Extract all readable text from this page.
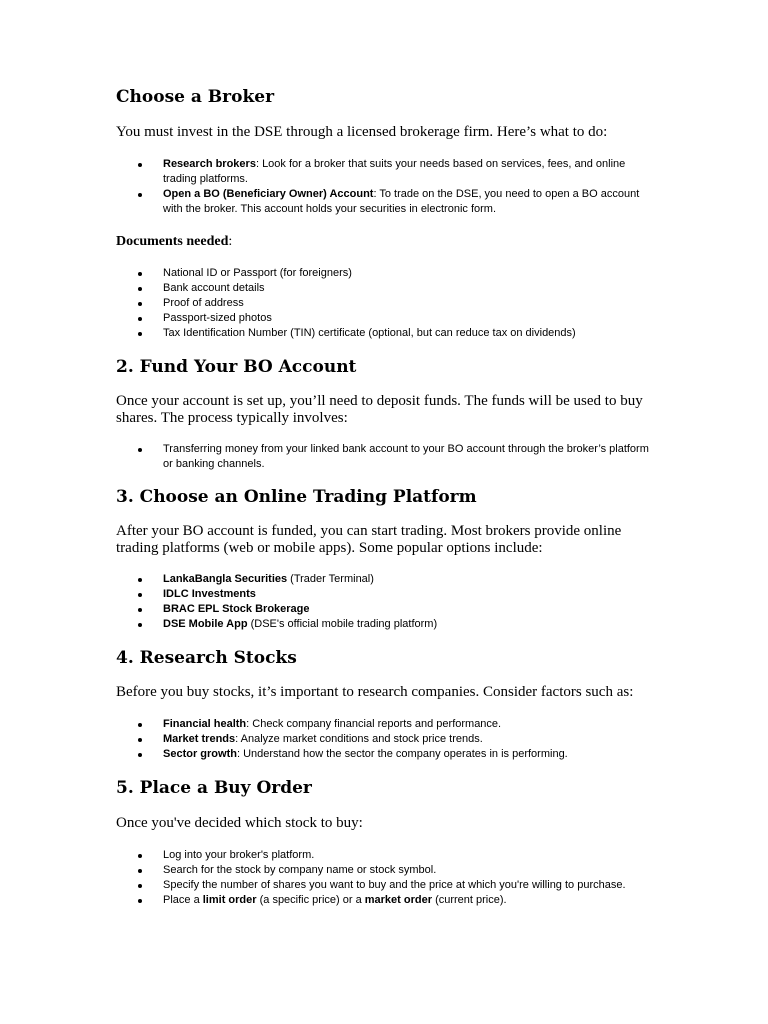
Choose a Broker

You must invest in the DSE through a licensed brokerage firm. Here’s what to do:

Research brokers: Look for a broker that suits your needs based on services, fees, and online trading platforms.
Open a BO (Beneficiary Owner) Account: To trade on the DSE, you need to open a BO account with the broker. This account holds your securities in electronic form.
Documents needed:
National ID or Passport (for foreigners)
Bank account details
Proof of address
Passport-sized photos
Tax Identification Number (TIN) certificate (optional, but can reduce tax on dividends)
2. Fund Your BO Account

Once your account is set up, you’ll need to deposit funds. The funds will be used to buy shares. The process typically involves:

Transferring money from your linked bank account to your BO account through the broker’s platform or banking channels.
3. Choose an Online Trading Platform

After your BO account is funded, you can start trading. Most brokers provide online trading platforms (web or mobile apps). Some popular options include:

LankaBangla Securities (Trader Terminal)
IDLC Investments
BRAC EPL Stock Brokerage
DSE Mobile App (DSE's official mobile trading platform)
4. Research Stocks

Before you buy stocks, it’s important to research companies. Consider factors such as:

Financial health: Check company financial reports and performance.
Market trends: Analyze market conditions and stock price trends.
Sector growth: Understand how the sector the company operates in is performing.
5. Place a Buy Order

Once you've decided which stock to buy:

Log into your broker's platform.
Search for the stock by company name or stock symbol.
Specify the number of shares you want to buy and the price at which you're willing to purchase.
Place a limit order (a specific price) or a market order (current price).
